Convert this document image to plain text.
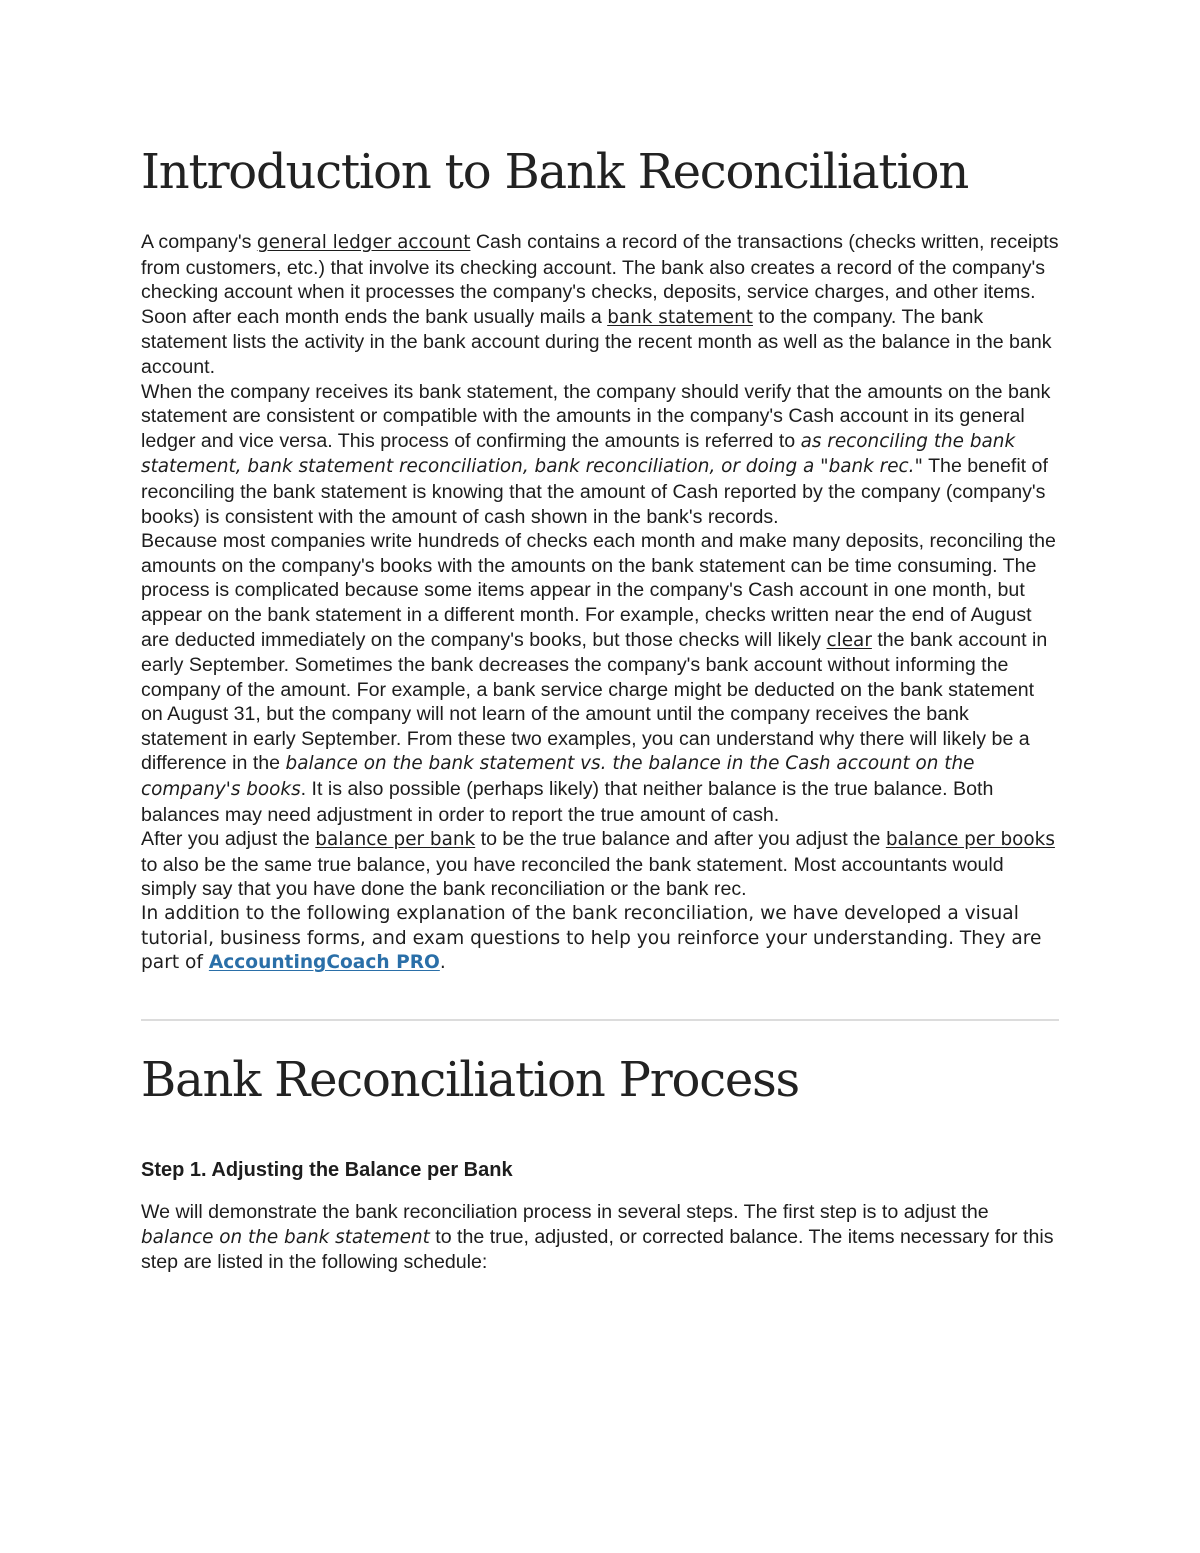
Introduction to Bank Reconciliation

A company's general ledger account Cash contains a record of the transactions (checks written, receipts from customers, etc.) that involve its checking account. The bank also creates a record of the company's checking account when it processes the company's checks, deposits, service charges, and other items. Soon after each month ends the bank usually mails a bank statement to the company. The bank statement lists the activity in the bank account during the recent month as well as the balance in the bank account.

When the company receives its bank statement, the company should verify that the amounts on the bank statement are consistent or compatible with the amounts in the company's Cash account in its general ledger and vice versa. This process of confirming the amounts is referred to as reconciling the bank statement, bank statement reconciliation, bank reconciliation, or doing a "bank rec." The benefit of reconciling the bank statement is knowing that the amount of Cash reported by the company (company's books) is consistent with the amount of cash shown in the bank's records.

Because most companies write hundreds of checks each month and make many deposits, reconciling the amounts on the company's books with the amounts on the bank statement can be time consuming. The process is complicated because some items appear in the company's Cash account in one month, but appear on the bank statement in a different month. For example, checks written near the end of August are deducted immediately on the company's books, but those checks will likely clear the bank account in early September. Sometimes the bank decreases the company's bank account without informing the company of the amount. For example, a bank service charge might be deducted on the bank statement on August 31, but the company will not learn of the amount until the company receives the bank statement in early September. From these two examples, you can understand why there will likely be a difference in the balance on the bank statement vs. the balance in the Cash account on the company's books. It is also possible (perhaps likely) that neither balance is the true balance. Both balances may need adjustment in order to report the true amount of cash.

After you adjust the balance per bank to be the true balance and after you adjust the balance per books to also be the same true balance, you have reconciled the bank statement. Most accountants would simply say that you have done the bank reconciliation or the bank rec.

In addition to the following explanation of the bank reconciliation, we have developed a visual tutorial, business forms, and exam questions to help you reinforce your understanding. They are part of AccountingCoach PRO.

Bank Reconciliation Process
Step 1. Adjusting the Balance per Bank

We will demonstrate the bank reconciliation process in several steps. The first step is to adjust the balance on the bank statement to the true, adjusted, or corrected balance. The items necessary for this step are listed in the following schedule:
